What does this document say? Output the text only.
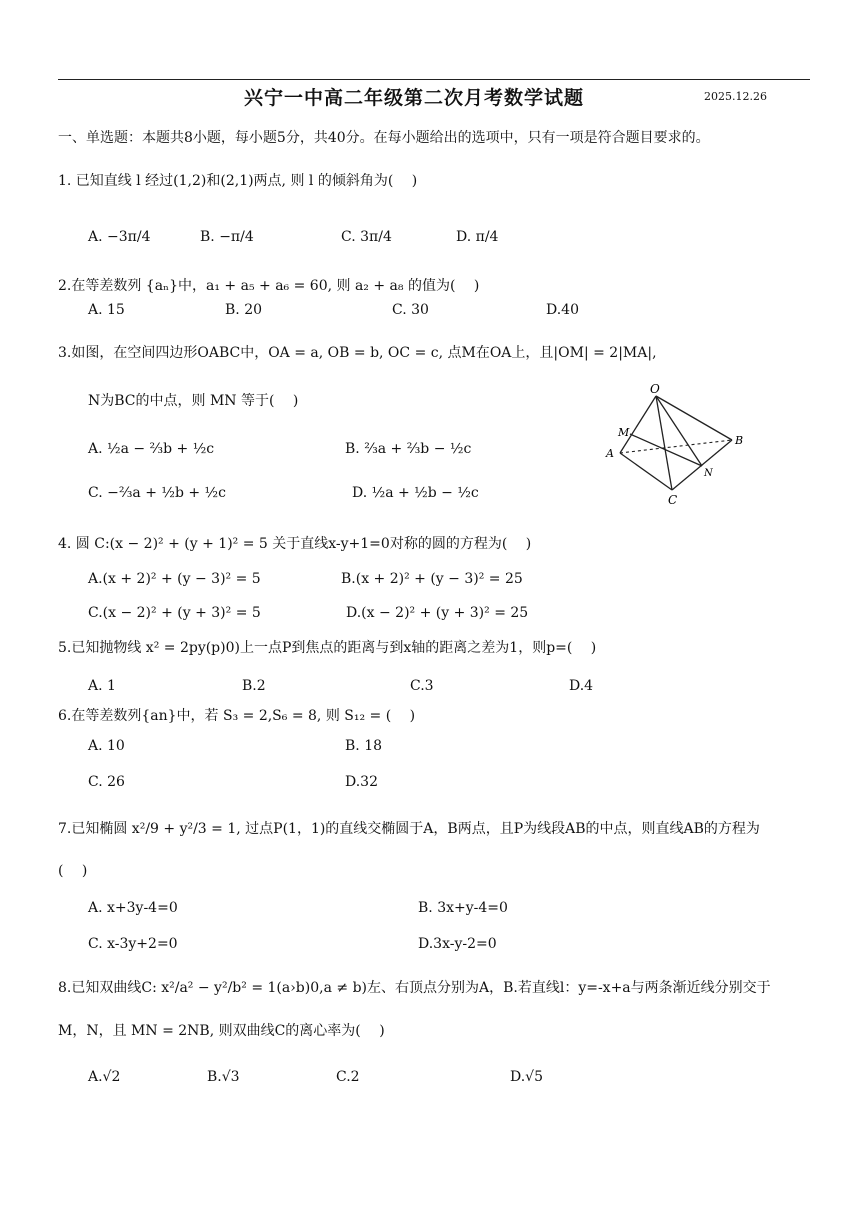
兴宁一中高二年级第二次月考数学试题	2025.12.26
一、单选题：本题共8小题，每小题5分，共40分。在每小题给出的选项中，只有一项是符合题目要求的。
1. 已知直线 l 经过(1,2)和(2,1)两点, 则 l 的倾斜角为(　 )
A. −3π/4	B. −π/4	C. 3π/4	D. π/4
2.在等差数列 {aₙ}中，a₁ + a₅ + a₆ = 60, 则 a₂ + a₈ 的值为(　 )
A. 15	B. 20	C. 30	D.40
3.如图，在空间四边形OABC中，OA = a, OB = b, OC = c, 点M在OA上，且|OM| = 2|MA|,
N为BC的中点，则 MN 等于(　 )
A. ½a − ⅔b + ½c	B. ⅔a + ⅔b − ½c
C. −⅔a + ½b + ½c	D. ½a + ½b − ½c
O
M
A
B
N
C
4. 圆 C:(x − 2)² + (y + 1)² = 5 关于直线x-y+1=0对称的圆的方程为(　 )
A.(x + 2)² + (y − 3)² = 5	B.(x + 2)² + (y − 3)² = 25
C.(x − 2)² + (y + 3)² = 5	D.(x − 2)² + (y + 3)² = 25
5.已知抛物线 x² = 2py(p)0)上一点P到焦点的距离与到x轴的距离之差为1，则p=(　 )
A. 1	B.2	C.3	D.4
6.在等差数列{an}中，若 S₃ = 2,S₆ = 8, 则 S₁₂ = (　 )
A. 10	B. 18
C. 26	D.32
7.已知椭圆 x²/9 + y²/3 = 1, 过点P(1，1)的直线交椭圆于A，B两点，且P为线段AB的中点，则直线AB的方程为
(　 )
A. x+3y-4=0	B. 3x+y-4=0
C. x-3y+2=0	D.3x-y-2=0
8.已知双曲线C: x²/a² − y²/b² = 1(a›b)0,a ≠ b)左、右顶点分别为A，B.若直线l：y=-x+a与两条渐近线分别交于
M，N，且 MN = 2NB, 则双曲线C的离心率为(　 )
A.√2	B.√3	C.2	D.√5
